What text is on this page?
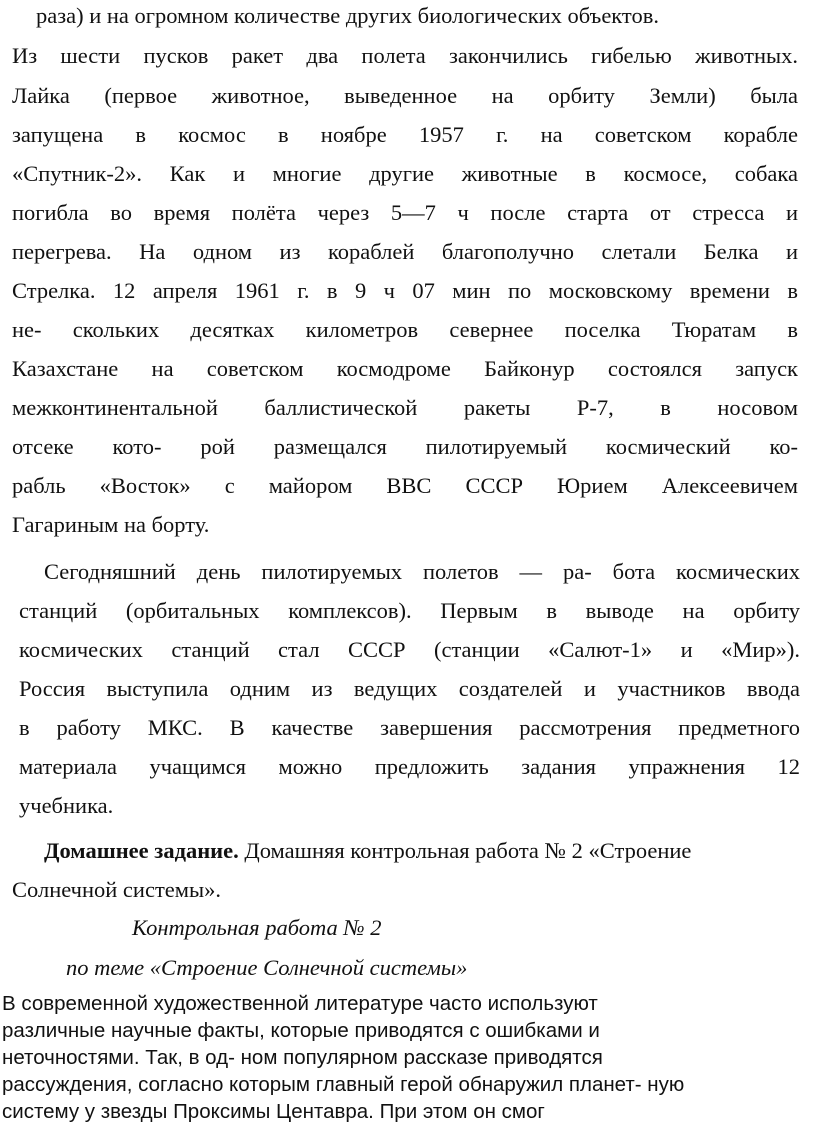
раза) и на огромном количестве других биологических объектов.

Из шести пусков ракет два полета закончились гибелью животных.

Лайка (первое животное, выведенное на орбиту Земли) была

запущена в космос в ноябре 1957 г. на советском корабле

«Спутник-2». Как и многие другие животные в космосе, собака

погибла во время полёта через 5—7 ч после старта от стресса и

перегрева. На одном из кораблей благополучно слетали Белка и

Стрелка. 12 апреля 1961 г. в 9 ч 07 мин по московскому времени в

не- скольких десятках километров севернее поселка Тюратам в

Казахстане на советском космодроме Байконур состоялся запуск

межконтинентальной баллистической ракеты Р-7, в носовом

отсеке кото- рой размещался пилотируемый космический ко-

рабль «Восток» с майором ВВС СССР Юрием Алексеевичем

Гагариным на борту.

Сегодняшний день пилотируемых полетов — ра- бота космических

станций (орбитальных комплексов). Первым в выводе на орбиту

космических станций стал СССР (станции «Салют-1» и «Мир»).

Россия выступила одним из ведущих создателей и участников ввода

в работу МКС. В качестве завершения рассмотрения предметного

материала учащимся можно предложить задания упражнения 12

учебника.

Домашнее задание. Домашняя контрольная работа № 2 «Строение

Солнечной системы».

Контрольная работа № 2

по теме «Строение Солнечной системы»

В современной художественной литературе часто используют

различные научные факты, которые приводятся с ошибками и

неточностями. Так, в од- ном популярном рассказе приводятся

рассуждения, согласно которым главный герой обнаружил планет- ную

систему у звезды Проксимы Центавра. При этом он смог
